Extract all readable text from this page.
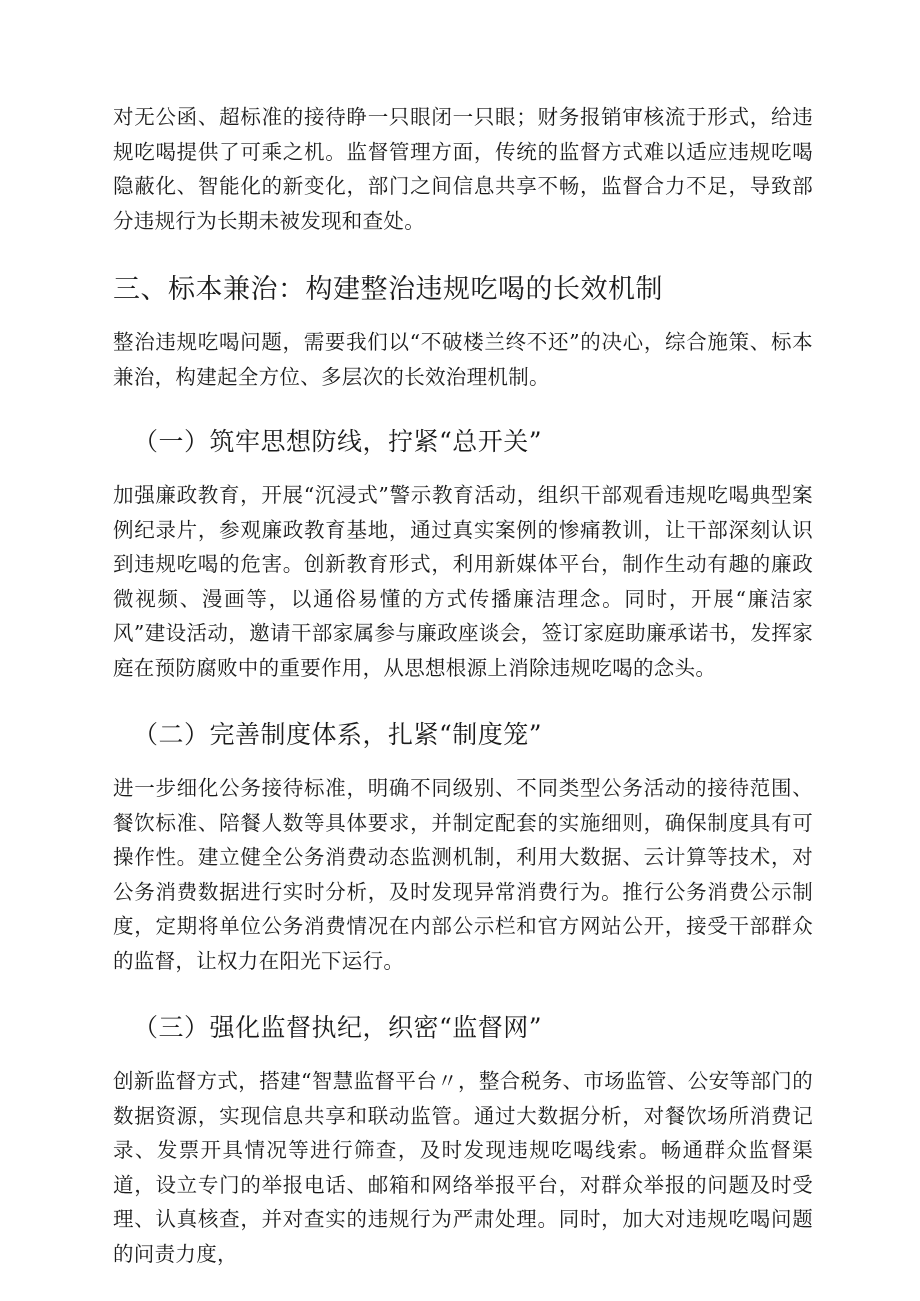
对无公函、超标准的接待睁一只眼闭一只眼；财务报销审核流于形式，给违规吃喝提供了可乘之机。监督管理方面，传统的监督方式难以适应违规吃喝隐蔽化、智能化的新变化，部门之间信息共享不畅，监督合力不足，导致部分违规行为长期未被发现和查处。

三、标本兼治：构建整治违规吃喝的长效机制

整治违规吃喝问题，需要我们以“不破楼兰终不还”的决心，综合施策、标本兼治，构建起全方位、多层次的长效治理机制。

（一）筑牢思想防线，拧紧“总开关”

加强廉政教育，开展“沉浸式”警示教育活动，组织干部观看违规吃喝典型案例纪录片，参观廉政教育基地，通过真实案例的惨痛教训，让干部深刻认识到违规吃喝的危害。创新教育形式，利用新媒体平台，制作生动有趣的廉政微视频、漫画等，以通俗易懂的方式传播廉洁理念。同时，开展“廉洁家风”建设活动，邀请干部家属参与廉政座谈会，签订家庭助廉承诺书，发挥家庭在预防腐败中的重要作用，从思想根源上消除违规吃喝的念头。

（二）完善制度体系，扎紧“制度笼”

进一步细化公务接待标准，明确不同级别、不同类型公务活动的接待范围、餐饮标准、陪餐人数等具体要求，并制定配套的实施细则，确保制度具有可操作性。建立健全公务消费动态监测机制，利用大数据、云计算等技术，对公务消费数据进行实时分析，及时发现异常消费行为。推行公务消费公示制度，定期将单位公务消费情况在内部公示栏和官方网站公开，接受干部群众的监督，让权力在阳光下运行。

（三）强化监督执纪，织密“监督网”

创新监督方式，搭建“智慧监督平台〃，整合税务、市场监管、公安等部门的数据资源，实现信息共享和联动监管。通过大数据分析，对餐饮场所消费记录、发票开具情况等进行筛查，及时发现违规吃喝线索。畅通群众监督渠道，设立专门的举报电话、邮箱和网络举报平台，对群众举报的问题及时受理、认真核查，并对查实的违规行为严肃处理。同时，加大对违规吃喝问题的问责力度，
